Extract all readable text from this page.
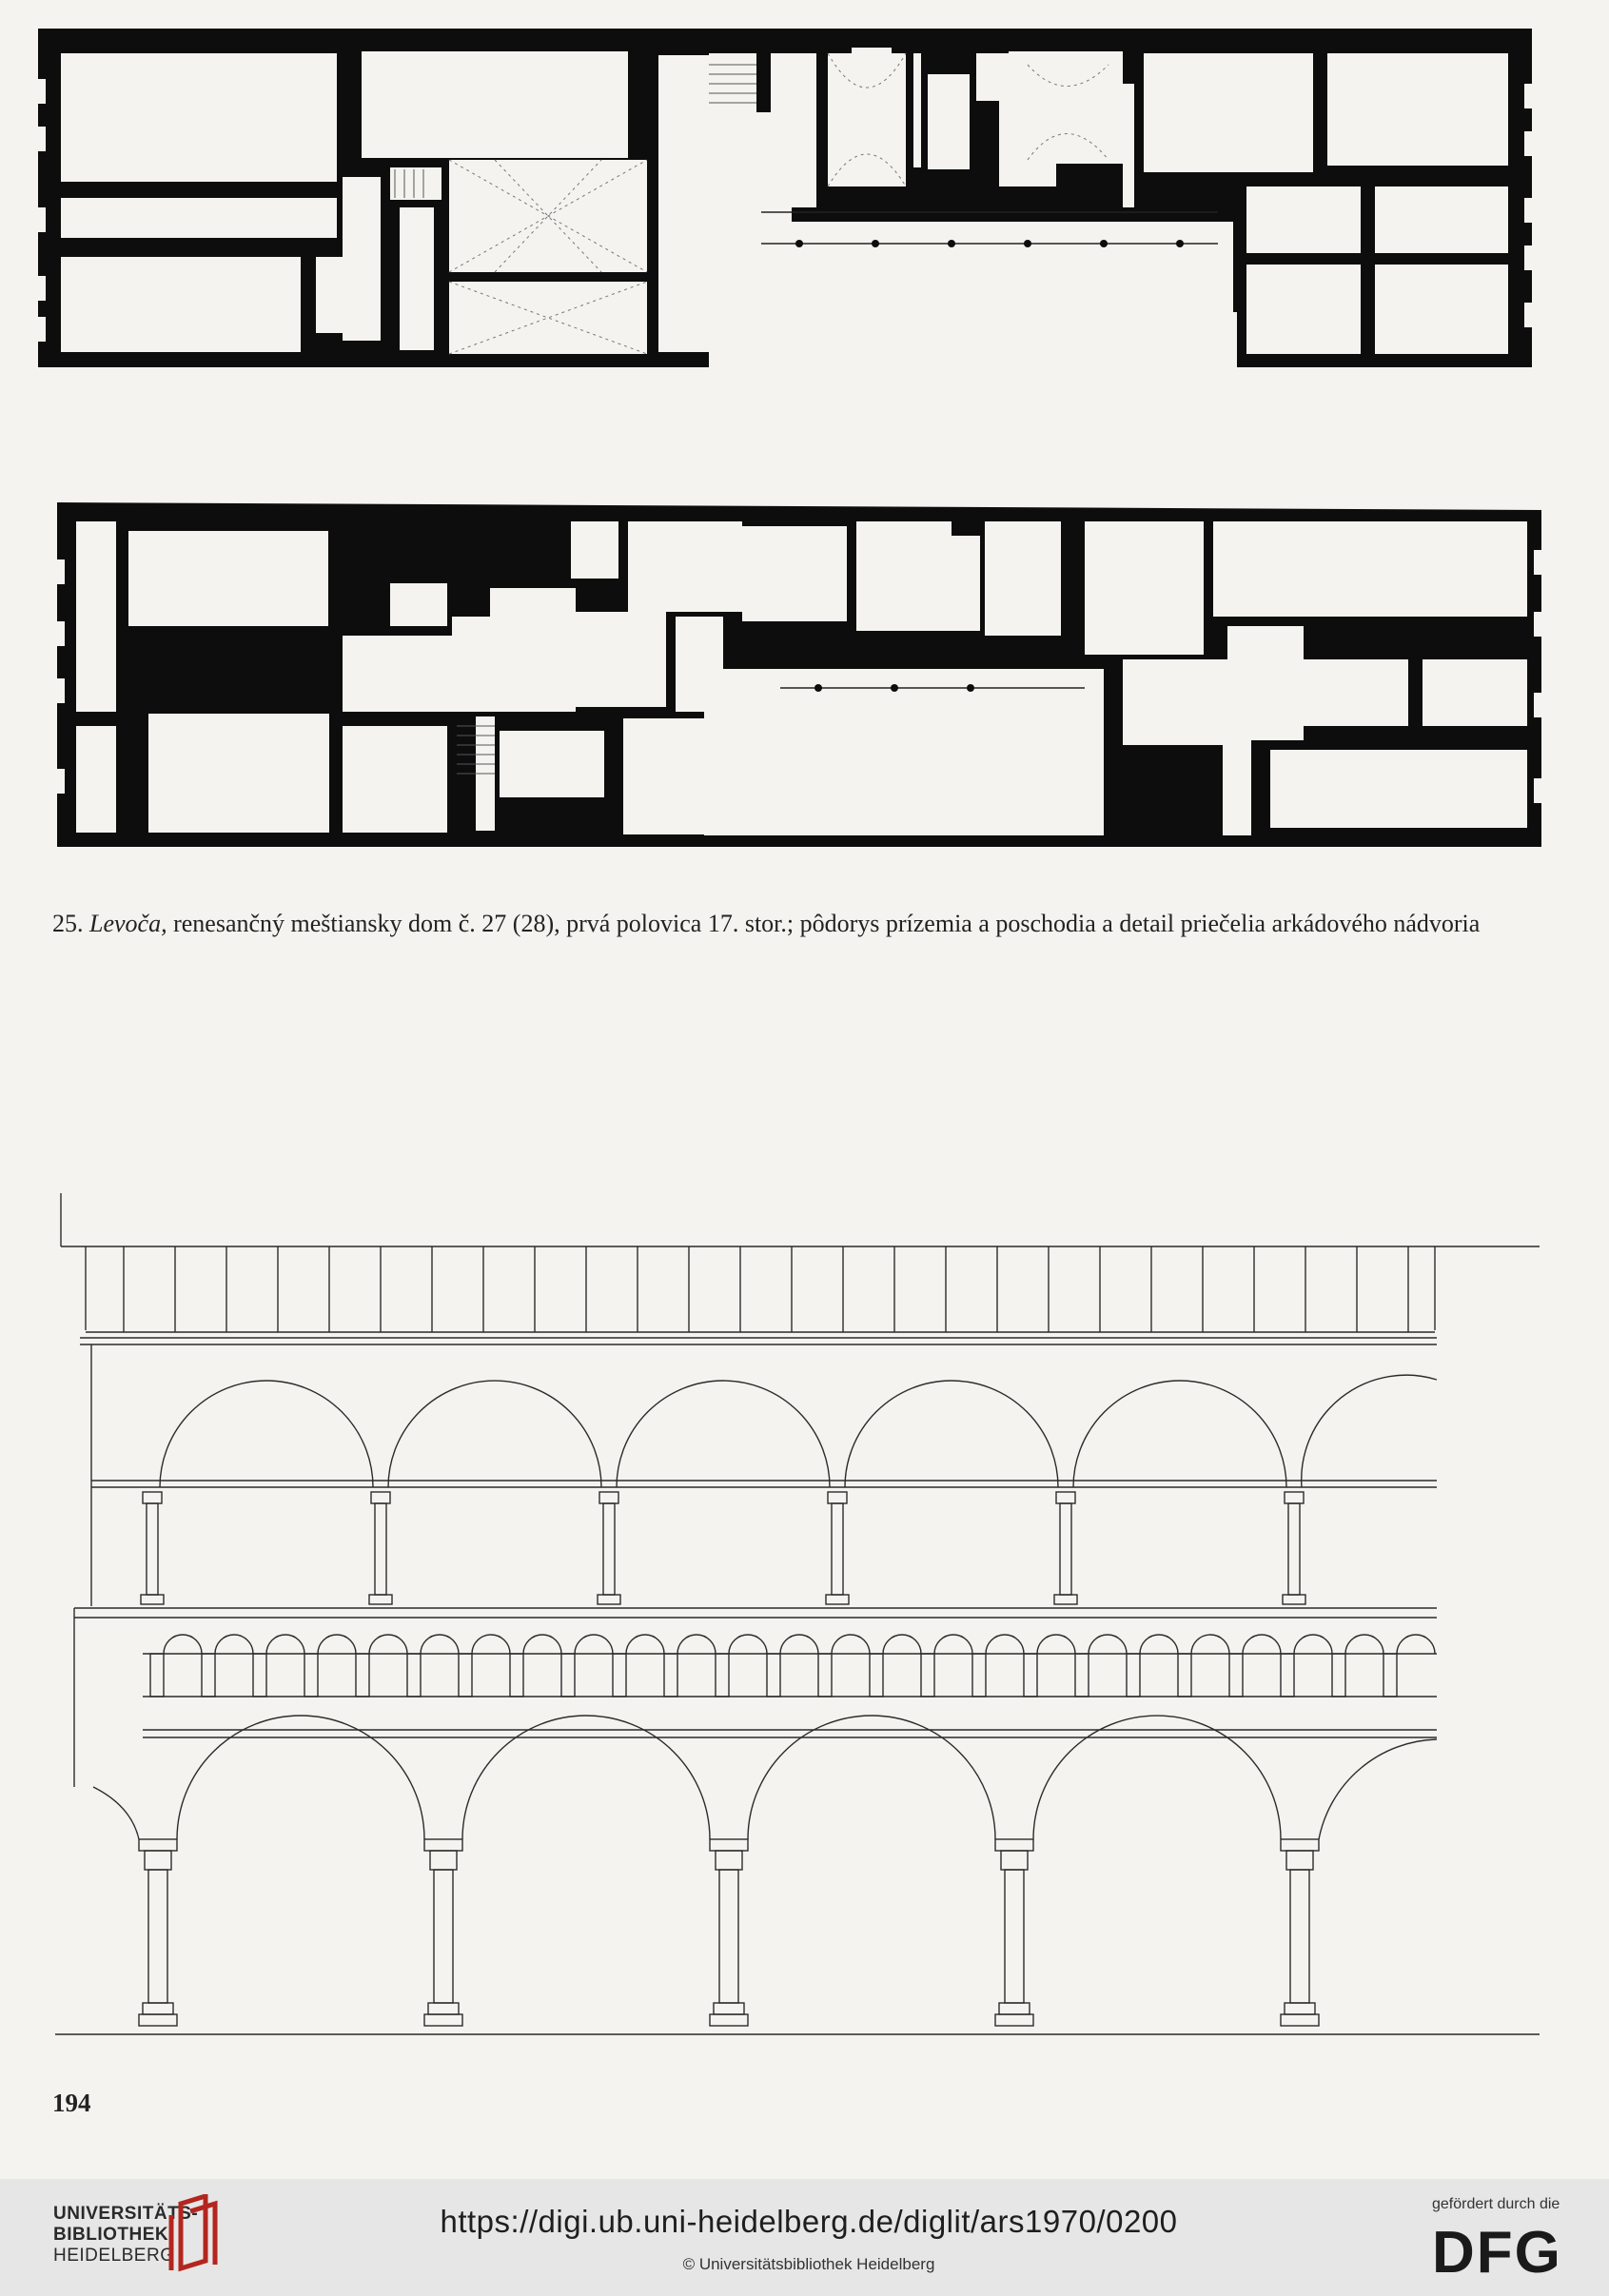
25. Levoča, renesančný meštiansky dom č. 27 (28), prvá polovica 17. stor.; pôdorys prízemia a poschodia a detail priečelia arkádového nádvoria
194
UNIVERSITÄTS-
BIBLIOTHEK
HEIDELBERG
https://digi.ub.uni-heidelberg.de/diglit/ars1970/0200
© Universitätsbibliothek Heidelberg
gefördert durch die
DFG
